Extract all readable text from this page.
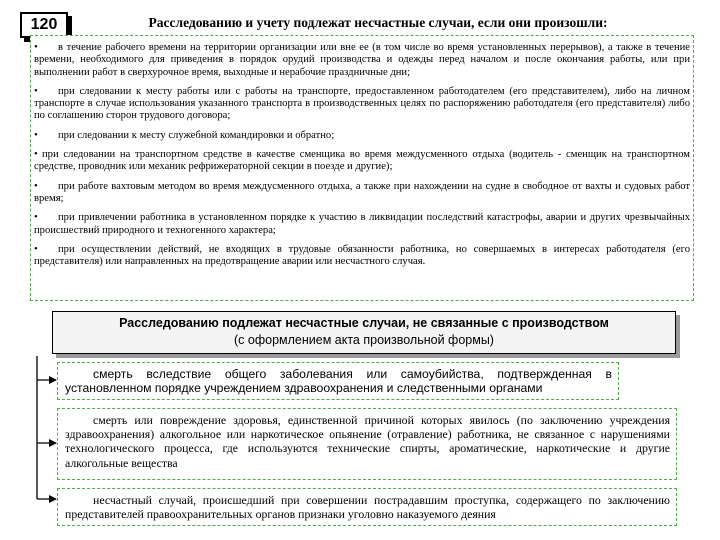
120	Расследованию и учету подлежат несчастные случаи, если они произошли:

• в течение рабочего времени на территории организации или вне ее (в том числе во время установленных перерывов), а также в течение времени, необходимого для приведения в порядок орудий производства и одежды перед началом и после окончания работы, или при выполнении работ в сверхурочное время, выходные и нерабочие праздничные дни;

• при следовании к месту работы или с работы на транспорте, предоставленном работодателем (его представителем), либо на личном транспорте в случае использования указанного транспорта в производственных целях по распоряжению работодателя (его представителя) либо по соглашению сторон трудового договора;

• при следовании к месту служебной командировки и обратно;

• при следовании на транспортном средстве в качестве сменщика во время междусменного отдыха (водитель - сменщик на транспортном средстве, проводник или механик рефрижераторной секции в поезде и другие);

• при работе вахтовым методом во время междусменного отдыха, а также при нахождении на судне в свободное от вахты и судовых работ время;

• при привлечении работника в установленном порядке к участию в ликвидации последствий катастрофы, аварии и других чрезвычайных происшествий природного и техногенного характера;

• при осуществлении действий, не входящих в трудовые обязанности работника, но совершаемых в интересах работодателя (его представителя) или направленных на предотвращение аварии или несчастного случая.

Расследованию подлежат несчастные случаи, не связанные с производством
(с оформлением акта произвольной формы)
смерть вследствие общего заболевания или самоубийства, подтвержденная в установленном порядке учреждением здравоохранения и следственными органами
смерть или повреждение здоровья, единственной причиной которых явилось (по заключению учреждения здравоохранения) алкогольное или наркотическое опьянение (отравление) работника, не связанное с нарушениями технологического процесса, где используются технические спирты, ароматические, наркотические и другие алкогольные вещества
несчастный случай, происшедший при совершении пострадавшим проступка, содержащего по заключению представителей правоохранительных органов признаки уголовно наказуемого деяния
